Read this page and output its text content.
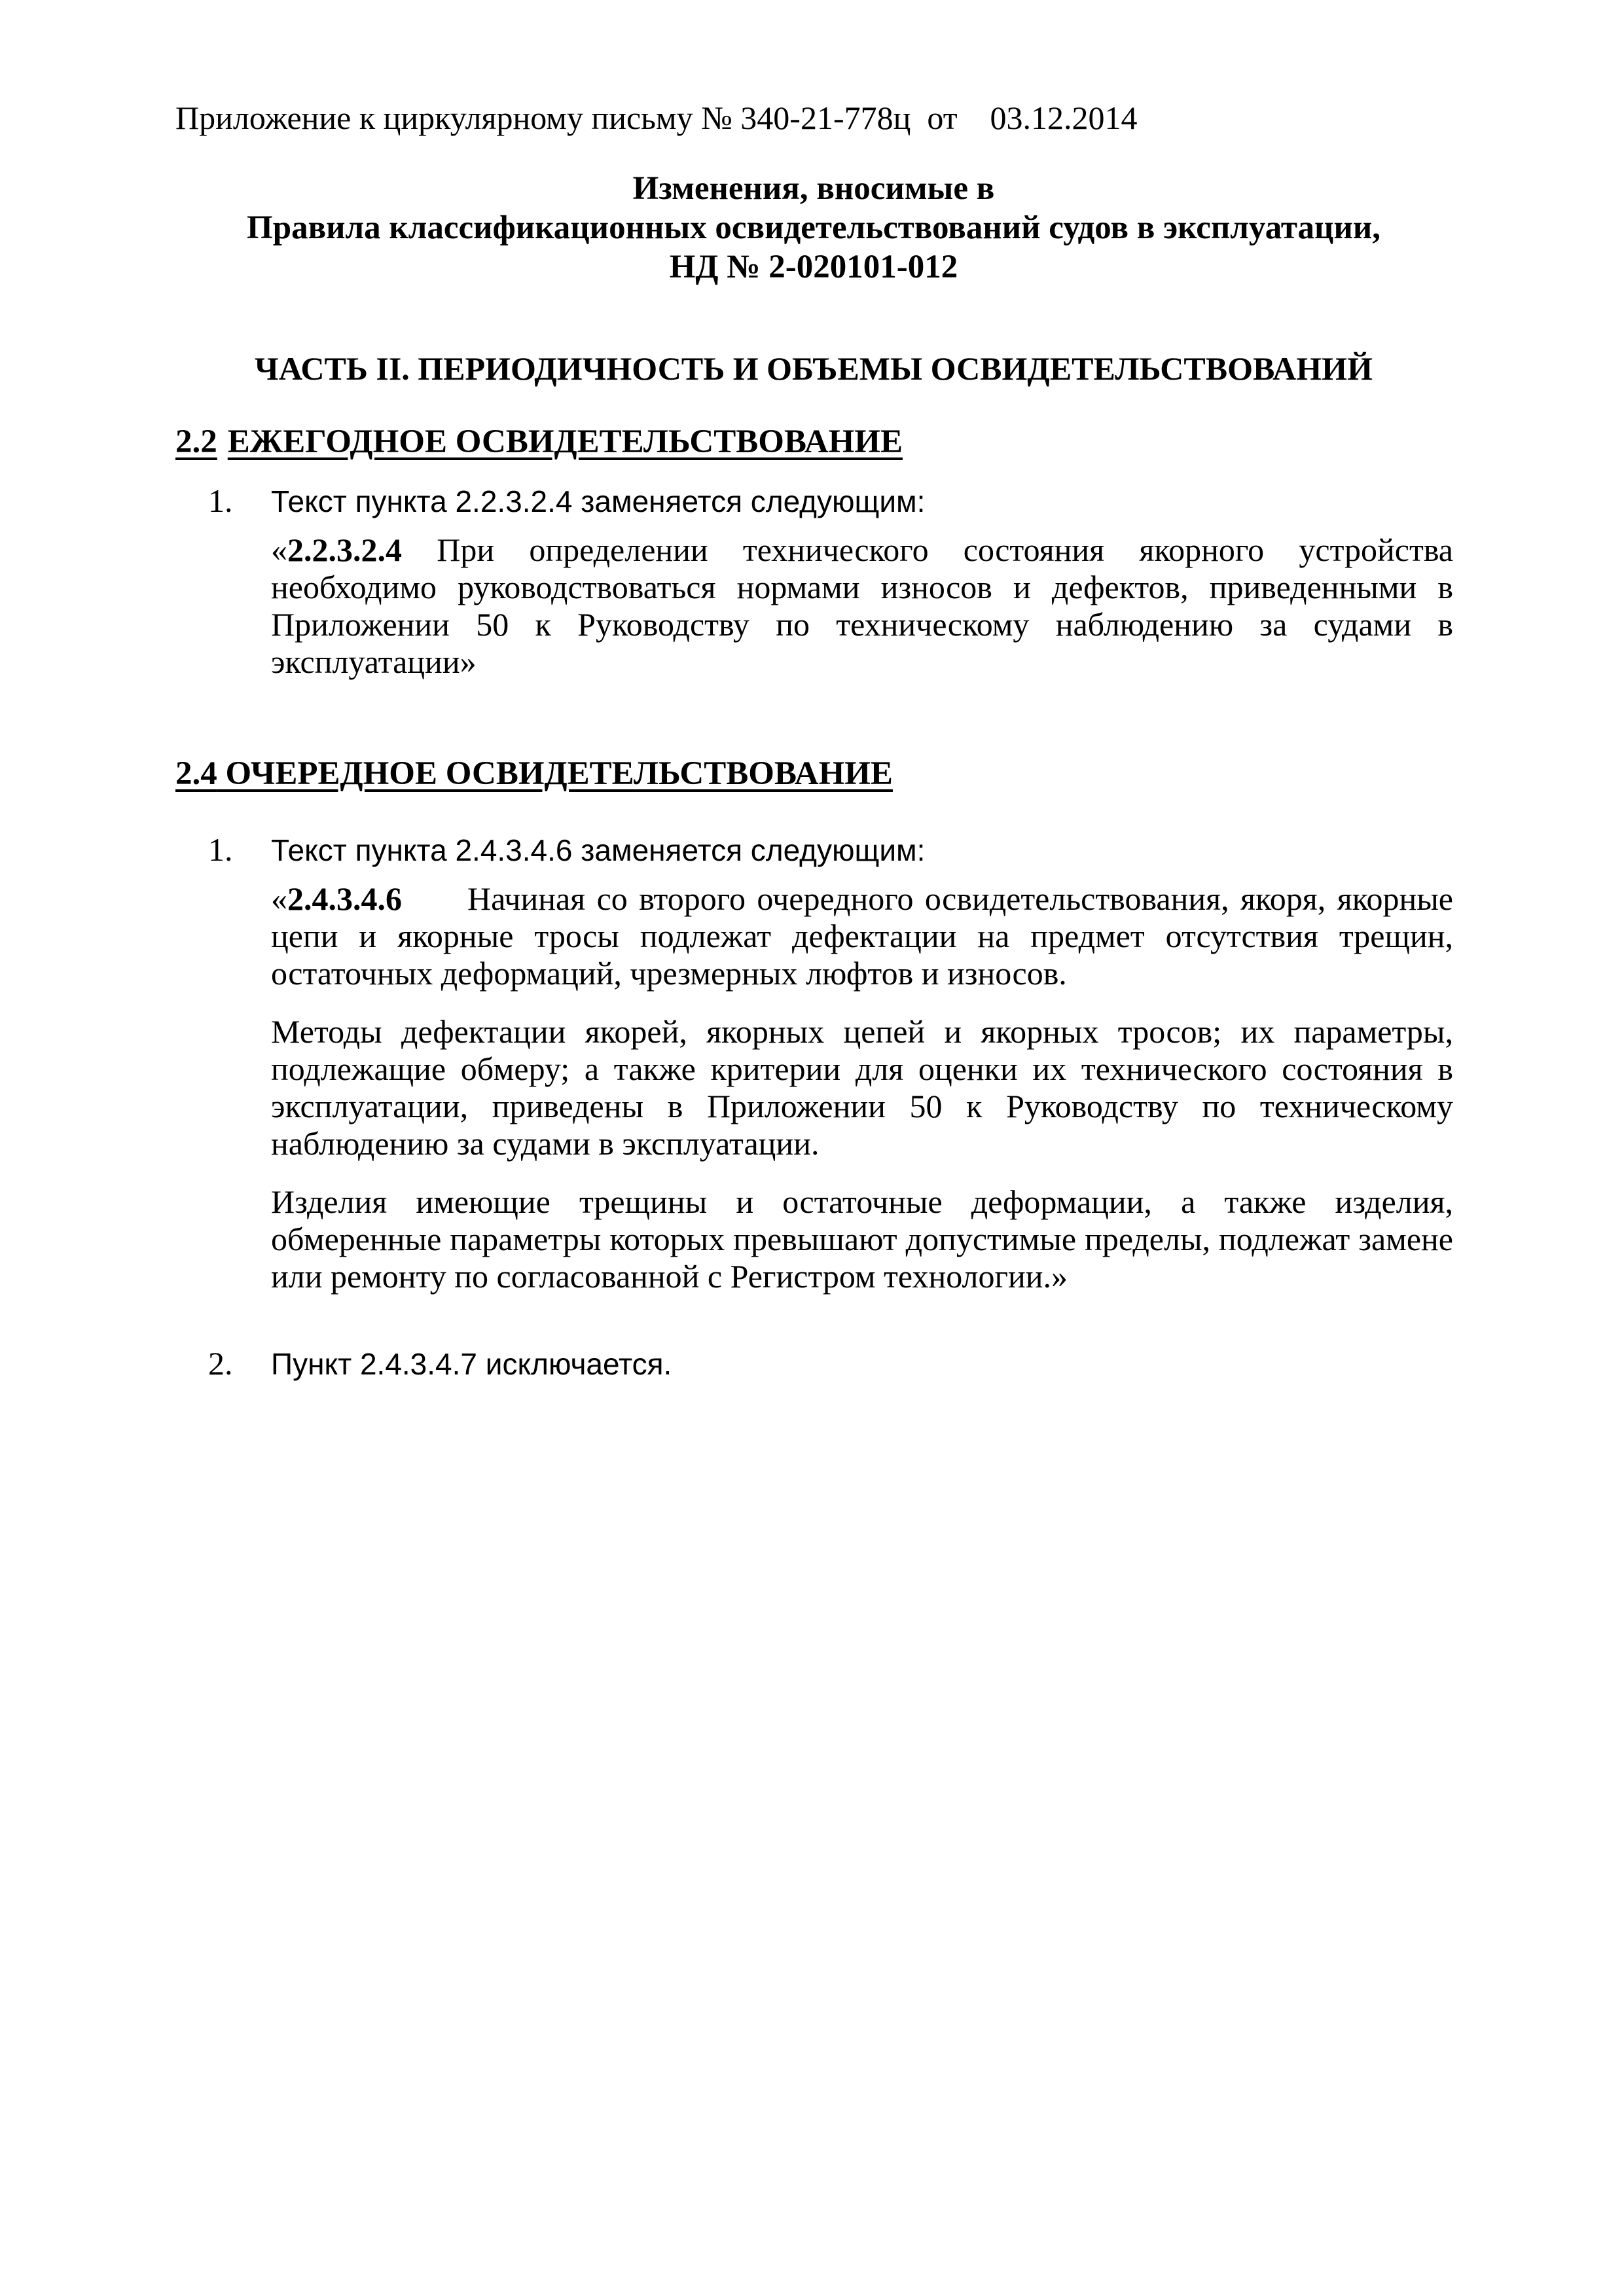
Приложение к циркулярному письму № 340-21-778ц  от    03.12.2014
Изменения, вносимые в
Правила классификационных освидетельствований судов в эксплуатации,
НД № 2-020101-012
ЧАСТЬ II. ПЕРИОДИЧНОСТЬ И ОБЪЕМЫ ОСВИДЕТЕЛЬСТВОВАНИЙ
2.2 ЕЖЕГОДНОЕ ОСВИДЕТЕЛЬСТВОВАНИЕ
1. Текст пункта 2.2.3.2.4 заменяется следующим:
«2.2.3.2.4 При определении технического состояния якорного устройства необходимо руководствоваться нормами износов и дефектов, приведенными в Приложении 50 к Руководству по техническому наблюдению за судами в эксплуатации»
2.4 ОЧЕРЕДНОЕ ОСВИДЕТЕЛЬСТВОВАНИЕ
1. Текст пункта 2.4.3.4.6 заменяется следующим:
«2.4.3.4.6 Начиная со второго очередного освидетельствования, якоря, якорные цепи и якорные тросы подлежат дефектации на предмет отсутствия трещин, остаточных деформаций, чрезмерных люфтов и износов.
Методы дефектации якорей, якорных цепей и якорных тросов; их параметры, подлежащие обмеру; а также критерии для оценки их технического состояния в эксплуатации, приведены в Приложении 50 к Руководству по техническому наблюдению за судами в эксплуатации.
Изделия имеющие трещины и остаточные деформации, а также изделия, обмеренные параметры которых превышают допустимые пределы, подлежат замене или ремонту по согласованной с Регистром технологии.»
2. Пункт 2.4.3.4.7 исключается.
